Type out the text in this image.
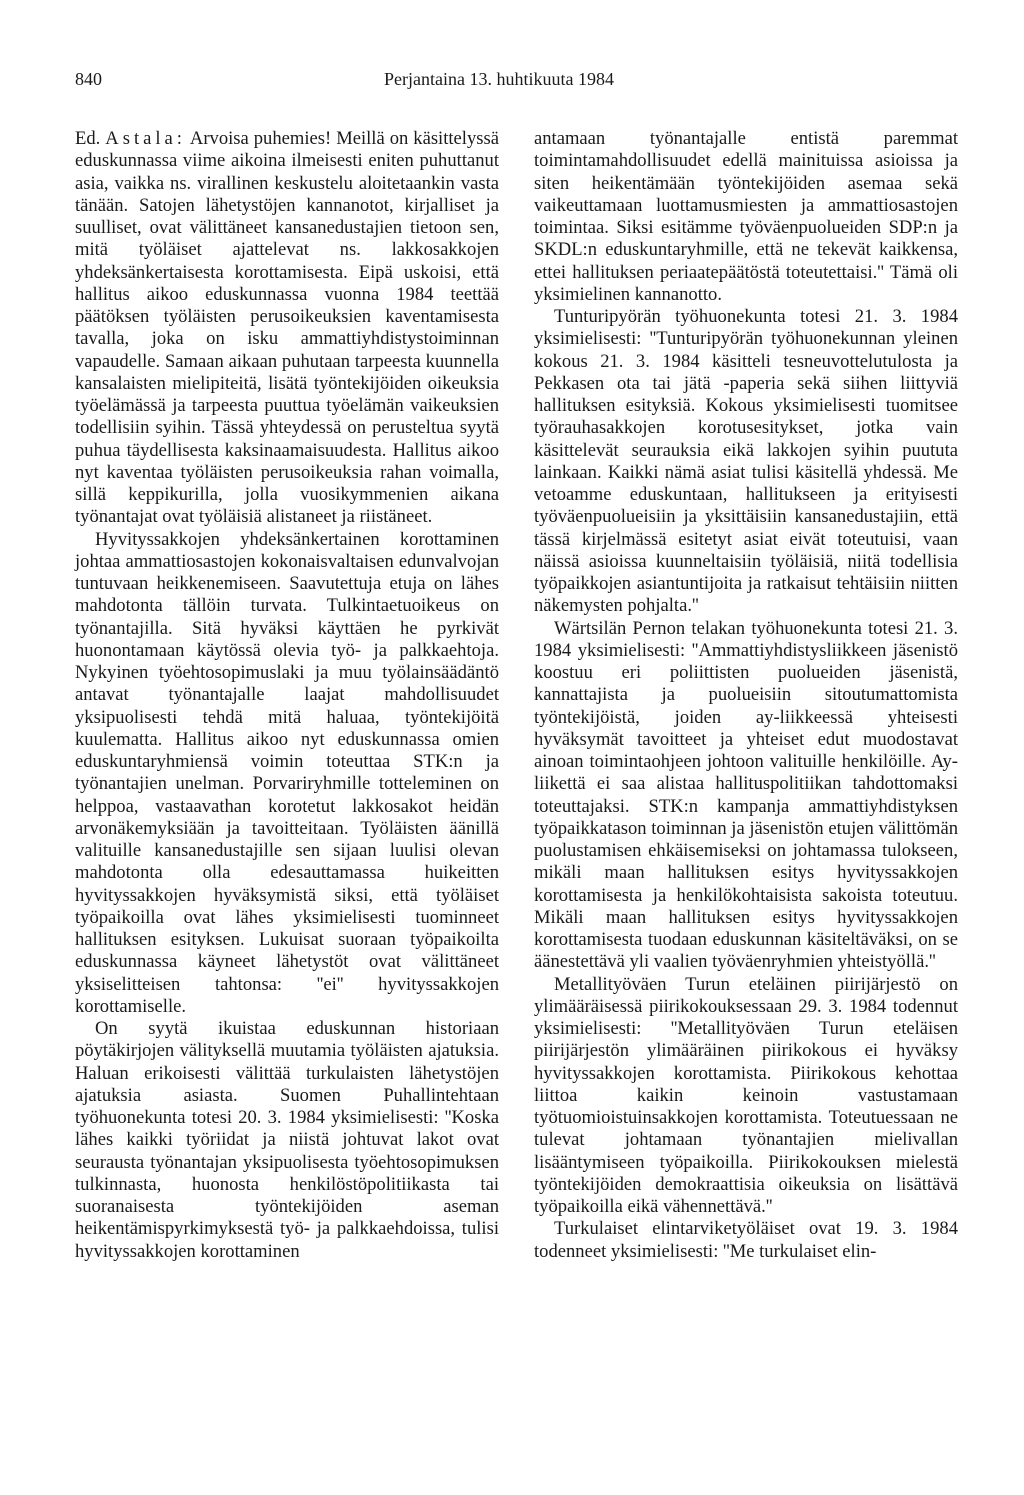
840	Perjantaina 13. huhtikuuta 1984

Ed. Astala: Arvoisa puhemies! Meillä on käsittelyssä eduskunnassa viime aikoina ilmeisesti eniten puhuttanut asia, vaikka ns. virallinen keskustelu aloitetaankin vasta tänään. Satojen lähetystöjen kannanotot, kirjalliset ja suulliset, ovat välittäneet kansanedustajien tietoon sen, mitä työläiset ajattelevat ns. lakkosakkojen yhdeksänkertaisesta korottamisesta. Eipä uskoisi, että hallitus aikoo eduskunnassa vuonna 1984 teettää päätöksen työläisten perusoikeuksien kaventamisesta tavalla, joka on isku ammattiyhdistystoiminnan vapaudelle. Samaan aikaan puhutaan tarpeesta kuunnella kansalaisten mielipiteitä, lisätä työntekijöiden oikeuksia työelämässä ja tarpeesta puuttua työelämän vaikeuksien todellisiin syihin. Tässä yhteydessä on perusteltua syytä puhua täydellisesta kaksinaamaisuudesta. Hallitus aikoo nyt kaventaa työläisten perusoikeuksia rahan voimalla, sillä keppikurilla, jolla vuosikymmenien aikana työnantajat ovat työläisiä alistaneet ja riistäneet.

Hyvityssakkojen yhdeksänkertainen korottaminen johtaa ammattiosastojen kokonaisvaltaisen edunvalvojan tuntuvaan heikkenemiseen. Saavutettuja etuja on lähes mahdotonta tällöin turvata. Tulkintaetuoikeus on työnantajilla. Sitä hyväksi käyttäen he pyrkivät huonontamaan käytössä olevia työ- ja palkkaehtoja. Nykyinen työehtosopimuslaki ja muu työlainsäädäntö antavat työnantajalle laajat mahdollisuudet yksipuolisesti tehdä mitä haluaa, työntekijöitä kuulematta. Hallitus aikoo nyt eduskunnassa omien eduskuntaryhmiensä voimin toteuttaa STK:n ja työnantajien unelman. Porvariryhmille totteleminen on helppoa, vastaavathan korotetut lakkosakot heidän arvonäkemyksiään ja tavoitteitaan. Työläisten äänillä valituille kansanedustajille sen sijaan luulisi olevan mahdotonta olla edesauttamassa huikeitten hyvityssakkojen hyväksymistä siksi, että työläiset työpaikoilla ovat lähes yksimielisesti tuominneet hallituksen esityksen. Lukuisat suoraan työpaikoilta eduskunnassa käyneet lähetystöt ovat välittäneet yksiselitteisen tahtonsa: ''ei'' hyvityssakkojen korottamiselle.

On syytä ikuistaa eduskunnan historiaan pöytäkirjojen välityksellä muutamia työläisten ajatuksia. Haluan erikoisesti välittää turkulaisten lähetystöjen ajatuksia asiasta. Suomen Puhallintehtaan työhuonekunta totesi 20. 3. 1984 yksimielisesti: ''Koska lähes kaikki työriidat ja niistä johtuvat lakot ovat seurausta työnantajan yksipuolisesta työehtosopimuksen tulkinnasta, huonosta henkilöstöpolitiikasta tai suoranaisesta työntekijöiden aseman heikentämispyrkimyksestä työ- ja palkkaehdoissa, tulisi hyvityssakkojen korottaminen

antamaan työnantajalle entistä paremmat toimintamahdollisuudet edellä mainituissa asioissa ja siten heikentämään työntekijöiden asemaa sekä vaikeuttamaan luottamusmiesten ja ammattiosastojen toimintaa. Siksi esitämme työväenpuolueiden SDP:n ja SKDL:n eduskuntaryhmille, että ne tekevät kaikkensa, ettei hallituksen periaatepäätöstä toteutettaisi.'' Tämä oli yksimielinen kannanotto.

Tunturipyörän työhuonekunta totesi 21. 3. 1984 yksimielisesti: ''Tunturipyörän työhuonekunnan yleinen kokous 21. 3. 1984 käsitteli tesneuvottelutulosta ja Pekkasen ota tai jätä -paperia sekä siihen liittyviä hallituksen esityksiä. Kokous yksimielisesti tuomitsee työrauhasakkojen korotusesitykset, jotka vain käsittelevät seurauksia eikä lakkojen syihin puututa lainkaan. Kaikki nämä asiat tulisi käsitellä yhdessä. Me vetoamme eduskuntaan, hallitukseen ja erityisesti työväenpuolueisiin ja yksittäisiin kansanedustajiin, että tässä kirjelmässä esitetyt asiat eivät toteutuisi, vaan näissä asioissa kuunneltaisiin työläisiä, niitä todellisia työpaikkojen asiantuntijoita ja ratkaisut tehtäisiin niitten näkemysten pohjalta.''

Wärtsilän Pernon telakan työhuonekunta totesi 21. 3. 1984 yksimielisesti: ''Ammattiyhdistysliikkeen jäsenistö koostuu eri poliittisten puolueiden jäsenistä, kannattajista ja puolueisiin sitoutumattomista työntekijöistä, joiden ay-liikkeessä yhteisesti hyväksymät tavoitteet ja yhteiset edut muodostavat ainoan toimintaohjeen johtoon valituille henkilöille. Ay-liikettä ei saa alistaa hallituspolitiikan tahdottomaksi toteuttajaksi. STK:n kampanja ammattiyhdistyksen työpaikkatason toiminnan ja jäsenistön etujen välittömän puolustamisen ehkäisemiseksi on johtamassa tulokseen, mikäli maan hallituksen esitys hyvityssakkojen korottamisesta ja henkilökohtaisista sakoista toteutuu. Mikäli maan hallituksen esitys hyvityssakkojen korottamisesta tuodaan eduskunnan käsiteltäväksi, on se äänestettävä yli vaalien työväenryhmien yhteistyöllä.''

Metallityöväen Turun eteläinen piirijärjestö on ylimääräisessä piirikokouksessaan 29. 3. 1984 todennut yksimielisesti: ''Metallityöväen Turun eteläisen piirijärjestön ylimääräinen piirikokous ei hyväksy hyvityssakkojen korottamista. Piirikokous kehottaa liittoa kaikin keinoin vastustamaan työtuomioistuinsakkojen korottamista. Toteutuessaan ne tulevat johtamaan työnantajien mielivallan lisääntymiseen työpaikoilla. Piirikokouksen mielestä työntekijöiden demokraattisia oikeuksia on lisättävä työpaikoilla eikä vähennettävä.''

Turkulaiset elintarviketyöläiset ovat 19. 3. 1984 todenneet yksimielisesti: ''Me turkulaiset elin-
